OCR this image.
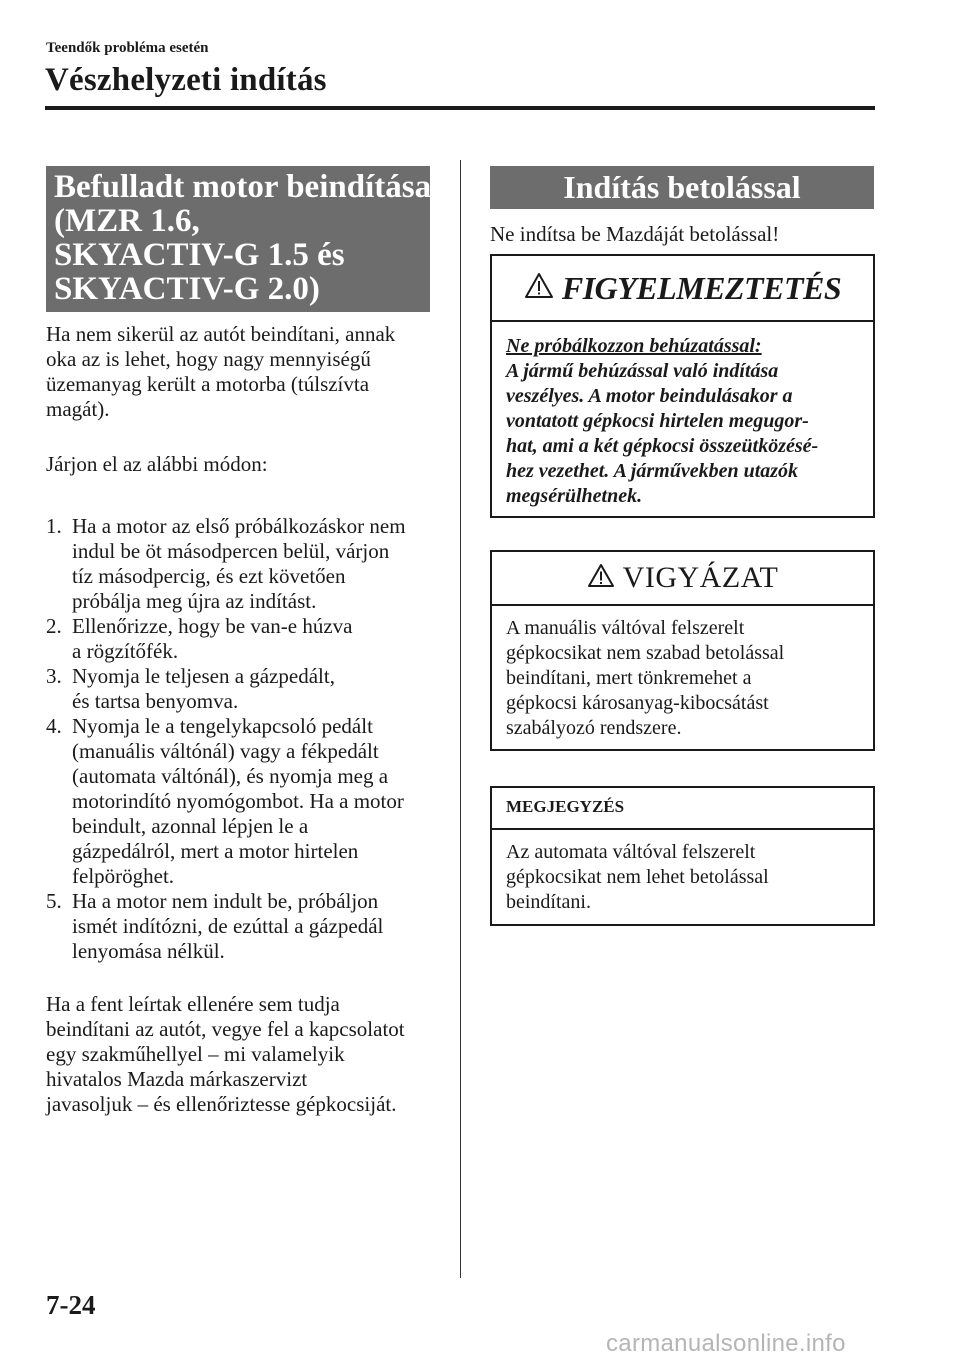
Teendők probléma esetén
Vészhelyzeti indítás
Befulladt motor beindítása
(MZR 1.6,
SKYACTIV-G 1.5 és
SKYACTIV-G 2.0)
Ha nem sikerül az autót beindítani, annak
oka az is lehet, hogy nagy mennyiségű
üzemanyag került a motorba (túlszívta
magát).
Járjon el az alábbi módon:
1. Ha a motor az első próbálkozáskor nem
indul be öt másodpercen belül, várjon
tíz másodpercig, és ezt követően
próbálja meg újra az indítást.
2. Ellenőrizze, hogy be van-e húzva
a rögzítőfék.
3. Nyomja le teljesen a gázpedált,
és tartsa benyomva.
4. Nyomja le a tengelykapcsoló pedált
(manuális váltónál) vagy a fékpedált
(automata váltónál), és nyomja meg a
motorindító nyomógombot. Ha a motor
beindult, azonnal lépjen le a
gázpedálról, mert a motor hirtelen
felpöröghet.
5. Ha a motor nem indult be, próbáljon
ismét indítózni, de ezúttal a gázpedál
lenyomása nélkül.
Ha a fent leírtak ellenére sem tudja
beindítani az autót, vegye fel a kapcsolatot
egy szakműhellyel – mi valamelyik
hivatalos Mazda márkaszervizt
javasoljuk – és ellenőriztesse gépkocsiját.
Indítás betolással
Ne indítsa be Mazdáját betolással!
FIGYELMEZTETÉS
Ne próbálkozzon behúzatással:
A jármű behúzással való indítása
veszélyes. A motor beindulásakor a
vontatott gépkocsi hirtelen megugor-
hat, ami a két gépkocsi összeütközésé-
hez vezethet. A járművekben utazók
megsérülhetnek.
VIGYÁZAT
A manuális váltóval felszerelt
gépkocsikat nem szabad betolással
beindítani, mert tönkremehet a
gépkocsi károsanyag-kibocsátást
szabályozó rendszere.
MEGJEGYZÉS
Az automata váltóval felszerelt
gépkocsikat nem lehet betolással
beindítani.
7-24
carmanualsonline.info
